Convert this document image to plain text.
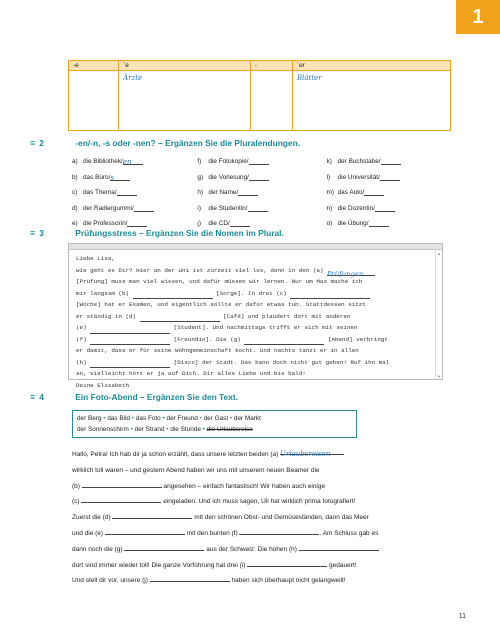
1
-e	¨e	-	¨er
	Ärzte		Blätter
≡ 2	-en/-n, -s oder -nen? – Ergänzen Sie die Pluralendungen.
a) die Bibliothek/ en	f)	die Fotokopie/	k) der Buchstabe/
b) das Büro/ s	g) die Vorlesung/	l)	die Universität/
c) das Thema/	h) der Name/	m) das Auto/
d) der Radiergummi/	i)	die Studentin/	n) die Dozentin/
e) die Professorin/	j)	die CD/	o) die Übung/
≡ 3	Prüfungsstress – Ergänzen Sie die Nomen im Plural.
Liebe Lisa,
wie geht es Dir? Hier an der Uni ist zurzeit viel los, denn in den (a) Prüfungen
[Prüfung] muss man viel wissen, und dafür müssen wir lernen. Nur um Max mache ich
mir langsam (b)	[Sorge]. In drei (c)
[Woche] hat er Examen, und eigentlich sollte er dafür etwas tun. Stattdessen sitzt
er ständig in (d)	[Café] und plaudert dort mit anderen
(e)	[Student]. Und nachmittags trifft er sich mit seinen
(f)	[Freundin]. Die (g)	[Abend] verbringt
er damit, dass er für seine Wohngemeinschaft kocht. Und nachts tanzt er in allen
(h)	[Disco] der Stadt. Das kann doch nicht gut gehen! Ruf ihn mal
an, vielleicht hört er ja auf Dich. Dir alles Liebe und bis bald!
Deine Elisabeth
▲
▼
≡ 4	Ein Foto-Abend – Ergänzen Sie den Text.
der Berg • das Bild • das Foto • der Freund • der Gast • der Markt
der Sonnenschirm • der Strand • die Stunde • die Urlaubsreise
Hallo, Petra! Ich hab dir ja schon erzählt, dass unsere letzten beiden (a) Urlaubsreisen
wirklich toll waren – und gestern Abend haben wir uns mit unserem neuen Beamer die
(b)	angesehen – einfach fantastisch! Wir haben auch einige
(c)	eingeladen. Und ich muss sagen, Uli hat wirklich prima fotografiert!
Zuerst die (d)	mit den schönen Obst- und Gemüseständen, dann das Meer
und die (e)	mit den bunten (f)	. Am Schluss gab es
dann noch die (g)	aus der Schweiz: Die hohen (h)
dort sind immer wieder toll! Die ganze Vorführung hat drei (i)	gedauert!
Und stell dir vor, unsere (j)	haben sich überhaupt nicht gelangweilt!
11
